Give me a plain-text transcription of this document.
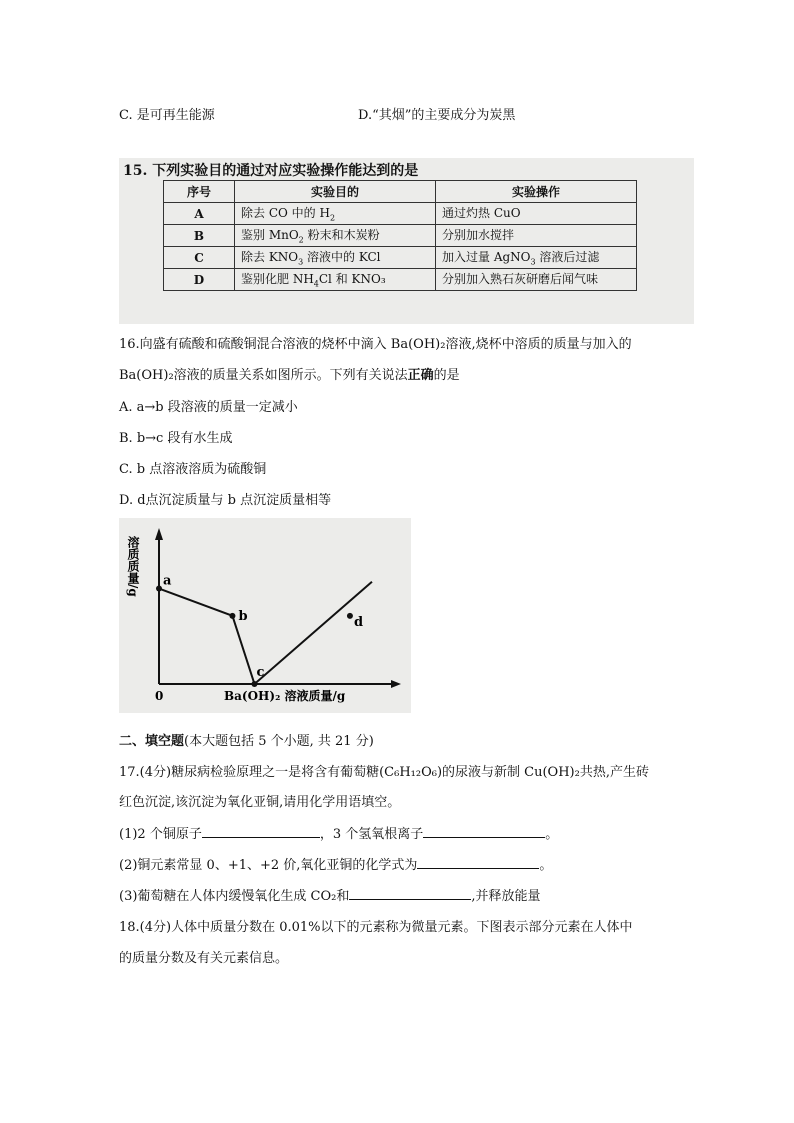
C. 是可再生能源	D.“其烟”的主要成分为炭黑
15. 下列实验目的通过对应实验操作能达到的是
序号	实验目的	实验操作
A	除去 CO 中的 $H_2$	通过灼热 CuO
B	鉴别 MnO$_2$ 粉末和木炭粉	分别加水搅拌
C	除去 $KNO_3$ 溶液中的 KCl	加入过量 AgNO$_3$ 溶液后过滤
D	鉴别化肥 $NH_4Cl$ 和 KNO₃	分别加入熟石灰研磨后闻气味
16.向盛有硫酸和硫酸铜混合溶液的烧杯中滴入 Ba(OH)₂溶液,烧杯中溶质的质量与加入的
Ba(OH)₂溶液的质量关系如图所示。下列有关说法正确的是
A. a→b 段溶液的质量一定减小
B. b→c 段有水生成
C. b 点溶液溶质为硫酸铜
D. d点沉淀质量与 b 点沉淀质量相等
溶质质量/g
Ba(OH)₂ 溶液质量/g
0
a
b
c
d
二、填空题(本大题包括 5 个小题, 共 21 分)
17.(4分)糖尿病检验原理之一是将含有葡萄糖(C₆H₁₂O₆)的尿液与新制 Cu(OH)₂共热,产生砖
红色沉淀,该沉淀为氧化亚铜,请用化学用语填空。
(1)2 个铜原子	，3 个氢氧根离子	。
(2)铜元素常显 0、+1、+2 价,氧化亚铜的化学式为	。
(3)葡萄糖在人体内缓慢氧化生成 CO₂和	,并释放能量
18.(4分)人体中质量分数在 0.01%以下的元素称为微量元素。下图表示部分元素在人体中
的质量分数及有关元素信息。
